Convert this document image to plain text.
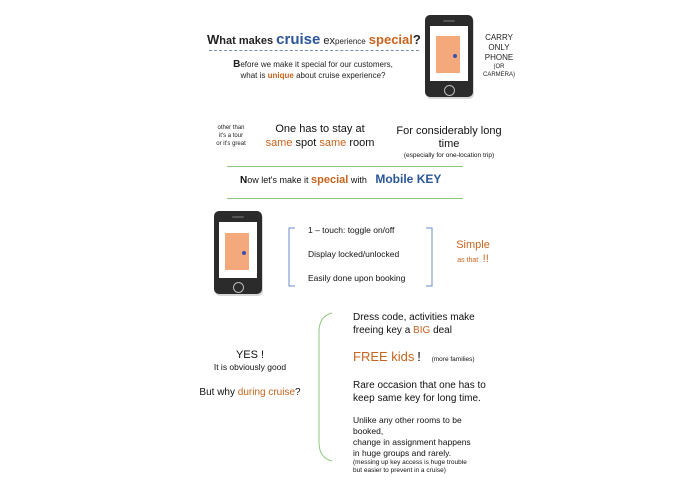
What makes cruise experience special?
Before we make it special for our customers,
what is unique about cruise experience?
CARRY
ONLY
PHONE
(OR
CARMERA)
other than
it's a tour
or it's great
One has to stay at
same spot same room
For considerably long
time
(especially for one-location trip)
Now let's make it special with Mobile KEY
1 – touch: toggle on/off
Display locked/unlocked
Easily done upon booking
Simple
as that !!
YES !
It is obviously good
But why during cruise?
Dress code, activities make
freeing key a BIG deal
FREE kids ! (more families)
Rare occasion that one has to
keep same key for long time.
Unlike any other rooms to be
booked,
change in assignment happens
in huge groups and rarely.
(messing up key access is huge trouble
but easier to prevent in a cruise)
